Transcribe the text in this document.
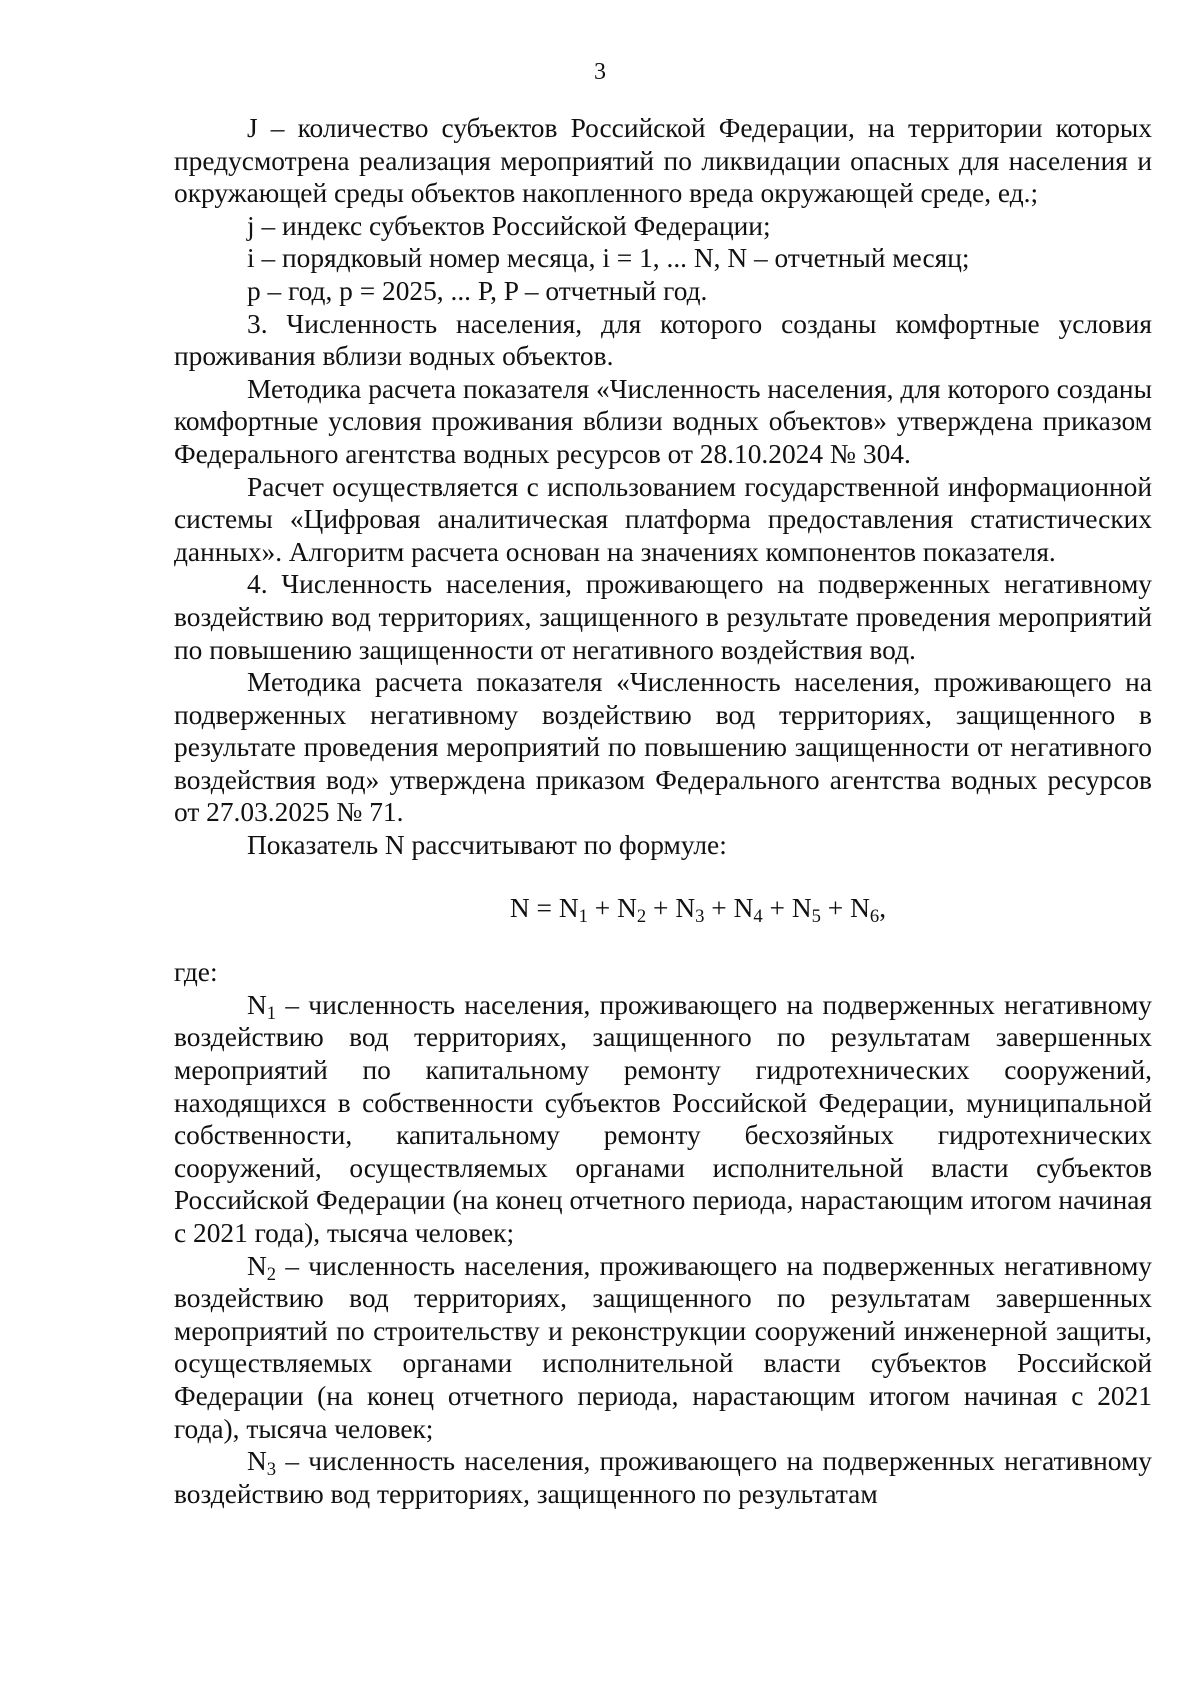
3

J – количество субъектов Российской Федерации, на территории которых предусмотрена реализация мероприятий по ликвидации опасных для населения и окружающей среды объектов накопленного вреда окружающей среде, ед.;

j – индекс субъектов Российской Федерации;

i – порядковый номер месяца, i = 1, ... N, N – отчетный месяц;

p – год, p = 2025, ... P, P – отчетный год.

3. Численность населения, для которого созданы комфортные условия проживания вблизи водных объектов.

Методика расчета показателя «Численность населения, для которого созданы комфортные условия проживания вблизи водных объектов» утверждена приказом Федерального агентства водных ресурсов от 28.10.2024 № 304.

Расчет осуществляется с использованием государственной информационной системы «Цифровая аналитическая платформа предоставления статистических данных». Алгоритм расчета основан на значениях компонентов показателя.

4. Численность населения, проживающего на подверженных негативному воздействию вод территориях, защищенного в результате проведения мероприятий по повышению защищенности от негативного воздействия вод.

Методика расчета показателя «Численность населения, проживающего на подверженных негативному воздействию вод территориях, защищенного в результате проведения мероприятий по повышению защищенности от негативного воздействия вод» утверждена приказом Федерального агентства водных ресурсов от 27.03.2025 № 71.

Показатель N рассчитывают по формуле:

$N = N_1 + N_2 + N_3 + N_4 + N_5 + N_6$,

где:

$N_1$ – численность населения, проживающего на подверженных негативному воздействию вод территориях, защищенного по результатам завершенных мероприятий по капитальному ремонту гидротехнических сооружений, находящихся в собственности субъектов Российской Федерации, муниципальной собственности, капитальному ремонту бесхозяйных гидротехнических сооружений, осуществляемых органами исполнительной власти субъектов Российской Федерации (на конец отчетного периода, нарастающим итогом начиная с 2021 года), тысяча человек;

$N_2$ – численность населения, проживающего на подверженных негативному воздействию вод территориях, защищенного по результатам завершенных мероприятий по строительству и реконструкции сооружений инженерной защиты, осуществляемых органами исполнительной власти субъектов Российской Федерации (на конец отчетного периода, нарастающим итогом начиная с 2021 года), тысяча человек;

$N_3$ – численность населения, проживающего на подверженных негативному воздействию вод территориях, защищенного по результатам
